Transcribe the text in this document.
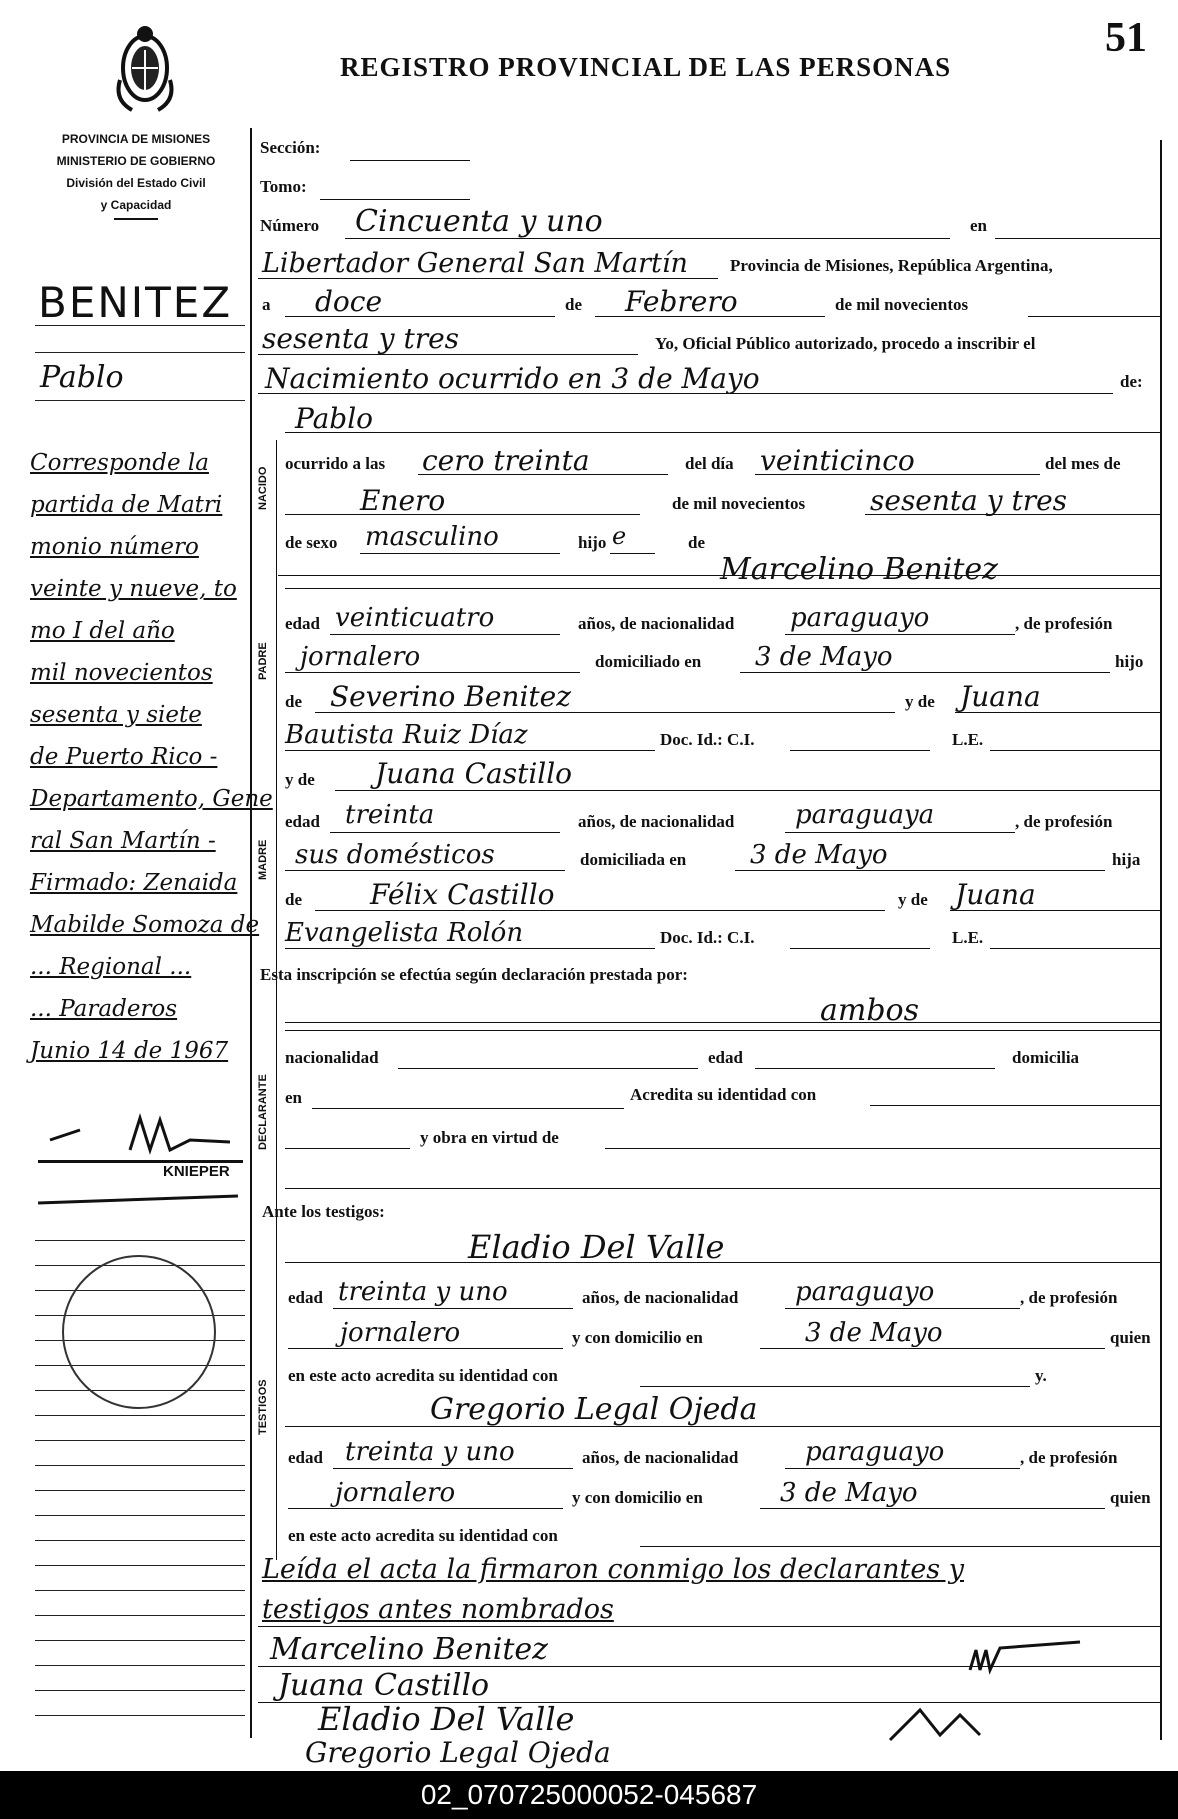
REGISTRO PROVINCIAL DE LAS PERSONAS
51
PROVINCIA DE MISIONES
MINISTERIO DE GOBIERNO
División del Estado Civil
y Capacidad
BENITEZ
Pablo
Corresponde la
partida de Matri
monio número
veinte y nueve, to
mo I del año
mil novecientos
sesenta y siete
de Puerto Rico -
Departamento, Gene
ral San Martín -
Firmado: Zenaida
Mabilde Somoza de
... Regional ...
... Paraderos
Junio 14 de 1967
KNIEPER
Sección:
Tomo:
Número Cincuenta y uno	en
Libertador General San Martín Provincia de Misiones, República Argentina,
a doce	de Febrero	de mil novecientos
sesenta y tres	Yo, Oficial Público autorizado, procedo a inscribir el
Nacimiento ocurrido en 3 de Mayo	de:
NACIDO
Pablo
ocurrido a las cero treinta	del día veinticinco	del mes de
Enero	de mil novecientos sesenta y tres
de sexo masculino	hijo e	de
PADRE
Marcelino Benitez
edad veinticuatro	años, de nacionalidad paraguayo	, de profesión
jornalero	domiciliado en 3 de Mayo	hijo
de Severino Benitez	y de Juana
Bautista Ruiz Díaz	Doc. Id.: C.I.	L.E.
MADRE
y de Juana Castillo
edad treinta	años, de nacionalidad paraguaya	, de profesión
sus domésticos	domiciliada en 3 de Mayo	hija
de Félix Castillo	y de Juana
Evangelista Rolón	Doc. Id.: C.I.	L.E.
Esta inscripción se efectúa según declaración prestada por:
DECLARANTE
ambos
nacionalidad	edad	domicilia
en	Acredita su identidad con
y obra en virtud de
Ante los testigos:
TESTIGOS
Eladio Del Valle
edad treinta y uno	años, de nacionalidad paraguayo	, de profesión
jornalero	y con domicilio en	3 de Mayo	quien
en este acto acredita su identidad con	y.
Gregorio Legal Ojeda
edad treinta y uno	años, de nacionalidad	paraguayo	, de profesión
jornalero	y con domicilio en	3 de Mayo	quien
en este acto acredita su identidad con
Leída el acta la firmaron conmigo los declarantes y
testigos antes nombrados
Marcelino Benitez
Juana Castillo
Eladio Del Valle
Gregorio Legal Ojeda
02_070725000052-045687
